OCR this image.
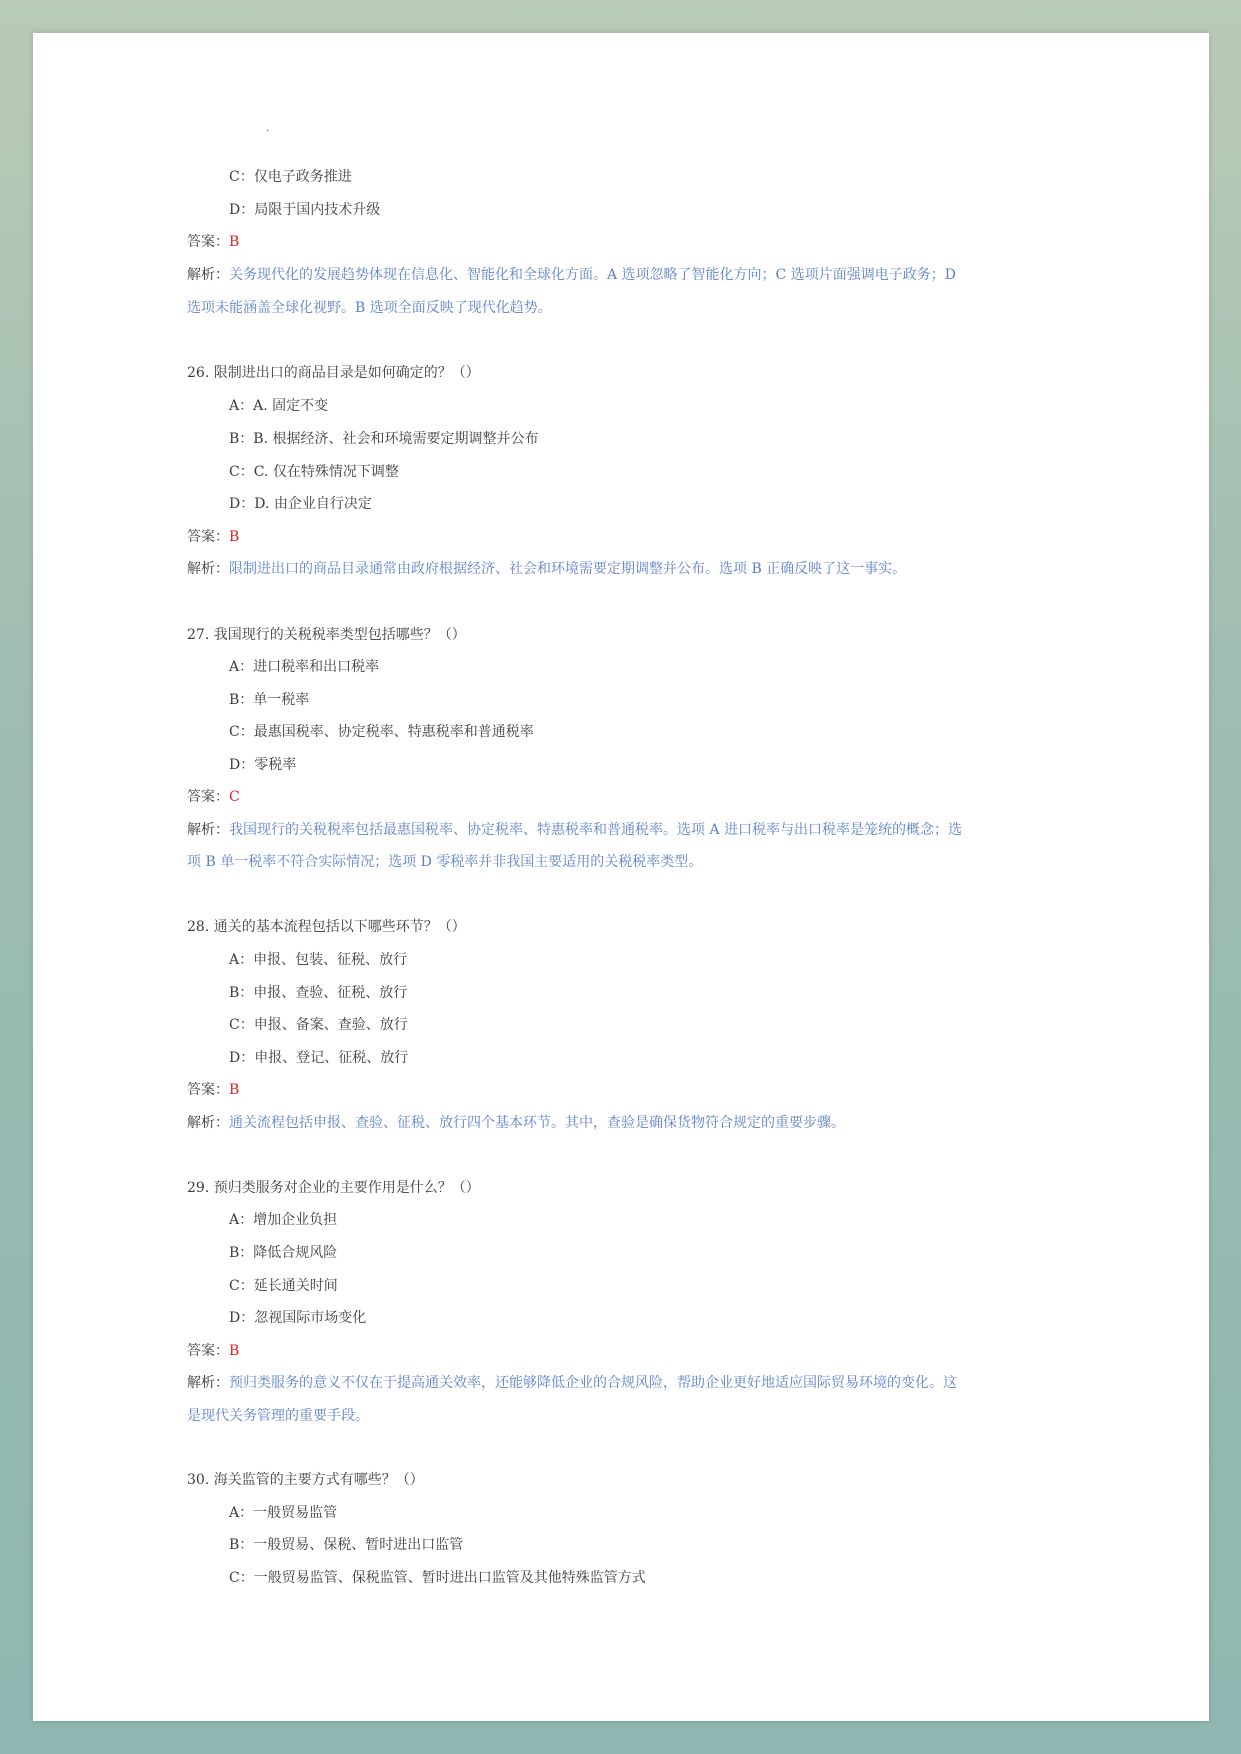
.
C：仅电子政务推进
D：局限于国内技术升级
答案：B
解析：关务现代化的发展趋势体现在信息化、智能化和全球化方面。A 选项忽略了智能化方向；C 选项片面强调电子政务；D
选项未能涵盖全球化视野。B 选项全面反映了现代化趋势。
26. 限制进出口的商品目录是如何确定的？（）
A：A. 固定不变
B：B. 根据经济、社会和环境需要定期调整并公布
C：C. 仅在特殊情况下调整
D：D. 由企业自行决定
答案：B
解析：限制进出口的商品目录通常由政府根据经济、社会和环境需要定期调整并公布。选项 B 正确反映了这一事实。
27. 我国现行的关税税率类型包括哪些？（）
A：进口税率和出口税率
B：单一税率
C：最惠国税率、协定税率、特惠税率和普通税率
D：零税率
答案：C
解析：我国现行的关税税率包括最惠国税率、协定税率、特惠税率和普通税率。选项 A 进口税率与出口税率是笼统的概念；选
项 B 单一税率不符合实际情况；选项 D 零税率并非我国主要适用的关税税率类型。
28. 通关的基本流程包括以下哪些环节？（）
A：申报、包装、征税、放行
B：申报、查验、征税、放行
C：申报、备案、查验、放行
D：申报、登记、征税、放行
答案：B
解析：通关流程包括申报、查验、征税、放行四个基本环节。其中，查验是确保货物符合规定的重要步骤。
29. 预归类服务对企业的主要作用是什么？（）
A：增加企业负担
B：降低合规风险
C：延长通关时间
D：忽视国际市场变化
答案：B
解析：预归类服务的意义不仅在于提高通关效率，还能够降低企业的合规风险，帮助企业更好地适应国际贸易环境的变化。这
是现代关务管理的重要手段。
30. 海关监管的主要方式有哪些？（）
A：一般贸易监管
B：一般贸易、保税、暂时进出口监管
C：一般贸易监管、保税监管、暂时进出口监管及其他特殊监管方式
